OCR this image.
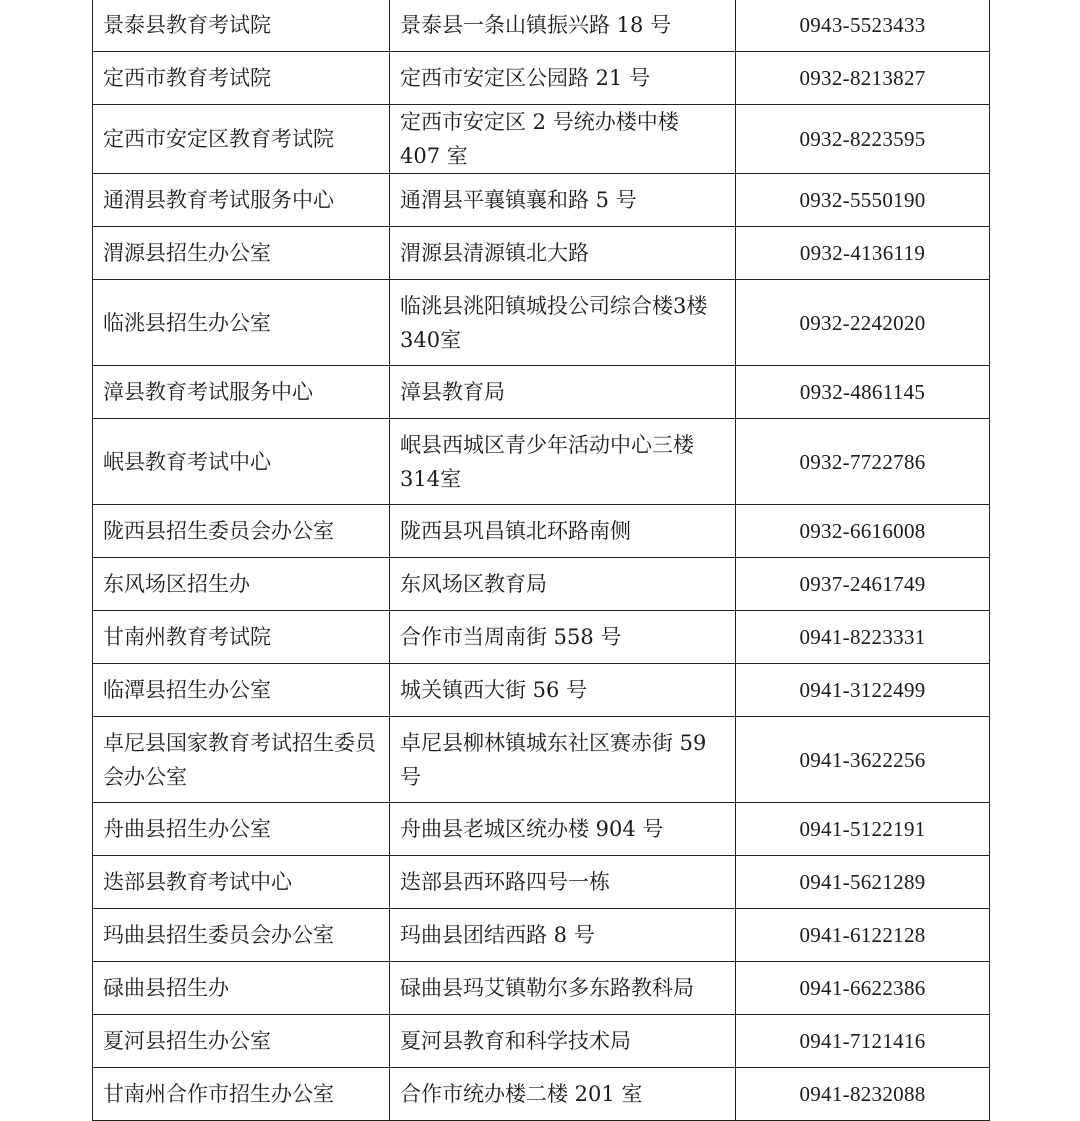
景泰县教育考试院	景泰县一条山镇振兴路 18 号	0943-5523433
定西市教育考试院	定西市安定区公园路 21 号	0932-8213827
定西市安定区教育考试院	定西市安定区 2 号统办楼中楼 407 室	0932-8223595
通渭县教育考试服务中心	通渭县平襄镇襄和路 5 号	0932-5550190
渭源县招生办公室	渭源县清源镇北大路	0932-4136119
临洮县招生办公室	临洮县洮阳镇城投公司综合楼3楼340室	0932-2242020
漳县教育考试服务中心	漳县教育局	0932-4861145
岷县教育考试中心	岷县西城区青少年活动中心三楼314室	0932-7722786
陇西县招生委员会办公室	陇西县巩昌镇北环路南侧	0932-6616008
东风场区招生办	东风场区教育局	0937-2461749
甘南州教育考试院	合作市当周南街 558 号	0941-8223331
临潭县招生办公室	城关镇西大街 56 号	0941-3122499
卓尼县国家教育考试招生委员会办公室	卓尼县柳林镇城东社区赛赤街 59 号	0941-3622256
舟曲县招生办公室	舟曲县老城区统办楼 904 号	0941-5122191
迭部县教育考试中心	迭部县西环路四号一栋	0941-5621289
玛曲县招生委员会办公室	玛曲县团结西路 8 号	0941-6122128
碌曲县招生办	碌曲县玛艾镇勒尔多东路教科局	0941-6622386
夏河县招生办公室	夏河县教育和科学技术局	0941-7121416
甘南州合作市招生办公室	合作市统办楼二楼 201 室	0941-8232088
